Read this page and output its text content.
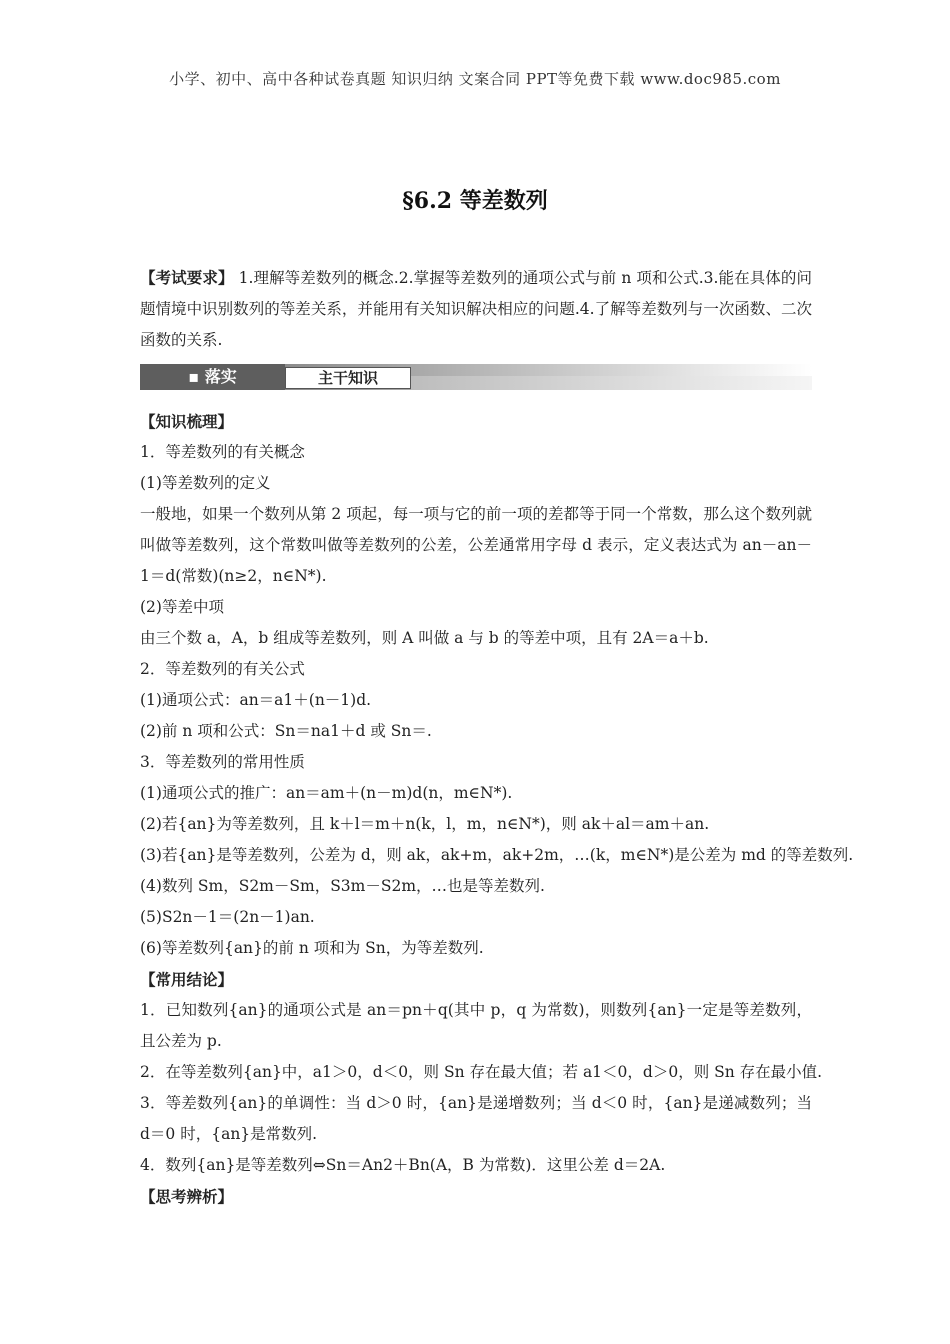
小学、初中、高中各种试卷真题 知识归纳 文案合同 PPT等免费下载 www.doc985.com
§6.2 等差数列

【考试要求】 1.理解等差数列的概念.2.掌握等差数列的通项公式与前 n 项和公式.3.能在具体的问题情境中识别数列的等差关系，并能用有关知识解决相应的问题.4.了解等差数列与一次函数、二次函数的关系.

▪ 落实	主干知识

【知识梳理】

1．等差数列的有关概念

(1)等差数列的定义

一般地，如果一个数列从第 2 项起，每一项与它的前一项的差都等于同一个常数，那么这个数列就叫做等差数列，这个常数叫做等差数列的公差，公差通常用字母 d 表示，定义表达式为 an－an－1＝d(常数)(n≥2，n∈N*).

(2)等差中项

由三个数 a，A，b 组成等差数列，则 A 叫做 a 与 b 的等差中项，且有 2A＝a＋b.

2．等差数列的有关公式

(1)通项公式：an＝a1＋(n－1)d.

(2)前 n 项和公式：Sn＝na1＋d 或 Sn＝.

3．等差数列的常用性质

(1)通项公式的推广：an＝am＋(n－m)d(n，m∈N*).

(2)若{an}为等差数列，且 k＋l＝m＋n(k，l，m，n∈N*)，则 ak＋al＝am＋an.

(3)若{an}是等差数列，公差为 d，则 ak，ak+m，ak+2m，…(k，m∈N*)是公差为 md 的等差数列.

(4)数列 Sm，S2m－Sm，S3m－S2m，…也是等差数列.

(5)S2n－1＝(2n－1)an.

(6)等差数列{an}的前 n 项和为 Sn，为等差数列.

【常用结论】

1．已知数列{an}的通项公式是 an＝pn＋q(其中 p，q 为常数)，则数列{an}一定是等差数列，且公差为 p.

2．在等差数列{an}中，a1＞0，d＜0，则 Sn 存在最大值；若 a1＜0，d＞0，则 Sn 存在最小值.

3．等差数列{an}的单调性：当 d＞0 时，{an}是递增数列；当 d＜0 时，{an}是递减数列；当 d＝0 时，{an}是常数列.

4．数列{an}是等差数列⇔Sn＝An2＋Bn(A，B 为常数)．这里公差 d＝2A.

【思考辨析】
